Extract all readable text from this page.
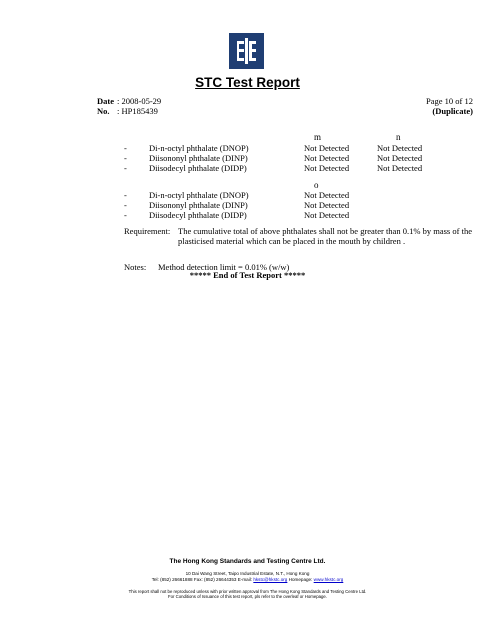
STC Test Report
Date : 2008-05-29	Page 10 of 12
No. : HP185439	(Duplicate)
m	n
-	Di-n-octyl phthalate (DNOP)	Not Detected	Not Detected
-	Diisononyl phthalate (DINP)	Not Detected	Not Detected
-	Diisodecyl phthalate (DIDP)	Not Detected	Not Detected
o
-	Di-n-octyl phthalate (DNOP)	Not Detected
-	Diisononyl phthalate (DINP)	Not Detected
-	Diisodecyl phthalate (DIDP)	Not Detected
Requirement: The cumulative total of above phthalates shall not be greater than 0.1% by mass of the plasticised material which can be placed in the mouth by children .
Notes: Method detection limit = 0.01% (w/w)
***** End of Test Report *****
The Hong Kong Standards and Testing Centre Ltd.
10 Dai Wang Street, Taipo Industrial Estate, N.T., Hong Kong
Tel: (852) 26661888 Fax: (852) 26644353 E-mail: hkstc@hkstc.org Homepage: www.hkstc.org
This report shall not be reproduced unless with prior written approval from The Hong Kong Standards and Testing Centre Ltd.
For Conditions of Issuance of this test report, pls refer to the overleaf or Homepage.
